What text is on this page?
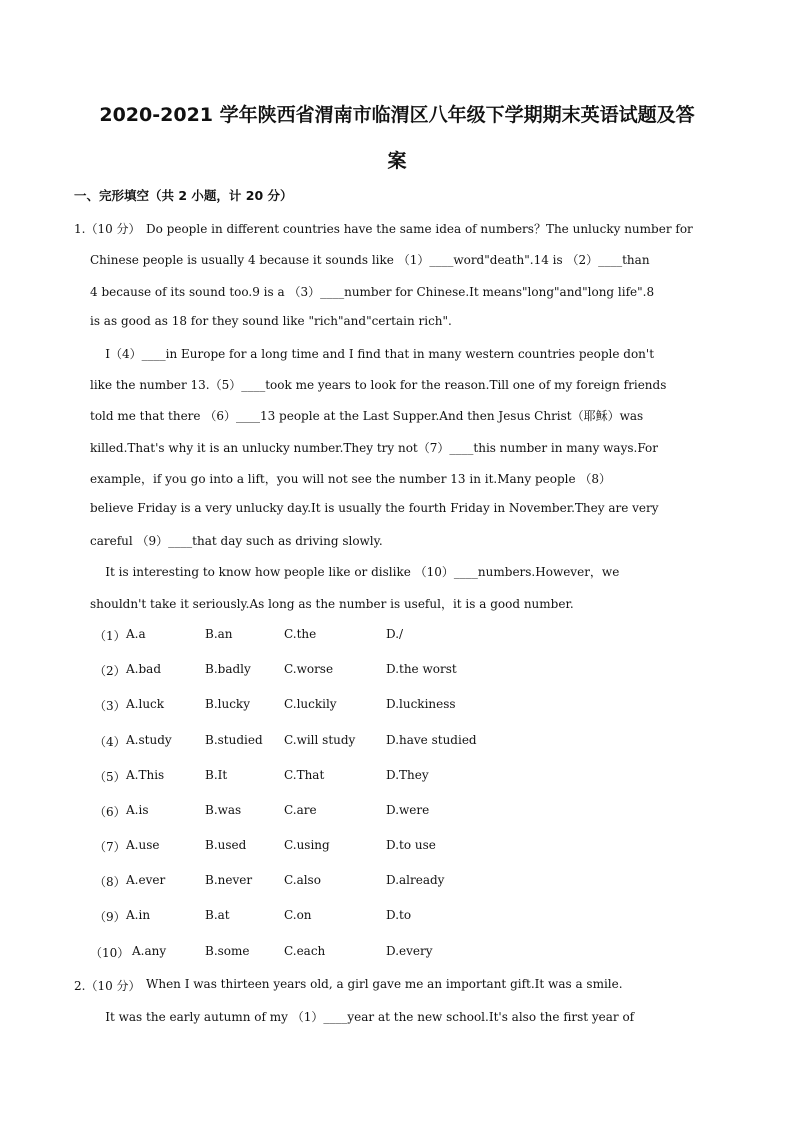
2020-2021 学年陕西省渭南市临渭区八年级下学期期末英语试题及答
案
一、完形填空（共 2 小题，计 20 分）
1.（10 分） Do people in different countries have the same idea of numbers？The unlucky number for
Chinese people is usually 4 because it sounds like （1）____word"death".14 is （2）____than
4 because of its sound too.9 is a （3）____number for Chinese.It means"long"and"long life".8
is as good as 18 for they sound like "rich"and"certain rich".
I（4）____in Europe for a long time and I find that in many western countries people don't
like the number 13.（5）____took me years to look for the reason.Till one of my foreign friends
told me that there （6）____13 people at the Last Supper.And then Jesus Christ（耶稣）was
killed.That's why it is an unlucky number.They try not（7）____this number in many ways.For
example，if you go into a lift，you will not see the number 13 in it.Many people （8）
believe Friday is a very unlucky day.It is usually the fourth Friday in November.They are very
careful （9）____that day such as driving slowly.
It is interesting to know how people like or dislike （10）____numbers.However，we
shouldn't take it seriously.As long as the number is useful，it is a good number.
（1） A.a	B.an	C.the	D./
（2） A.bad	B.badly	C.worse	D.the worst
（3） A.luck	B.lucky	C.luckily	D.luckiness
（4） A.study	B.studied C.will study	D.have studied
（5） A.This	B.It	C.That	D.They
（6） A.is	B.was	C.are	D.were
（7） A.use	B.used	C.using	D.to use
（8） A.ever	B.never	C.also	D.already
（9） A.in	B.at	C.on	D.to
（10） A.any	B.some	C.each	D.every
2.（10 分） When I was thirteen years old, a girl gave me an important gift.It was a smile.
It was the early autumn of my （1）____year at the new school.It's also the first year of
